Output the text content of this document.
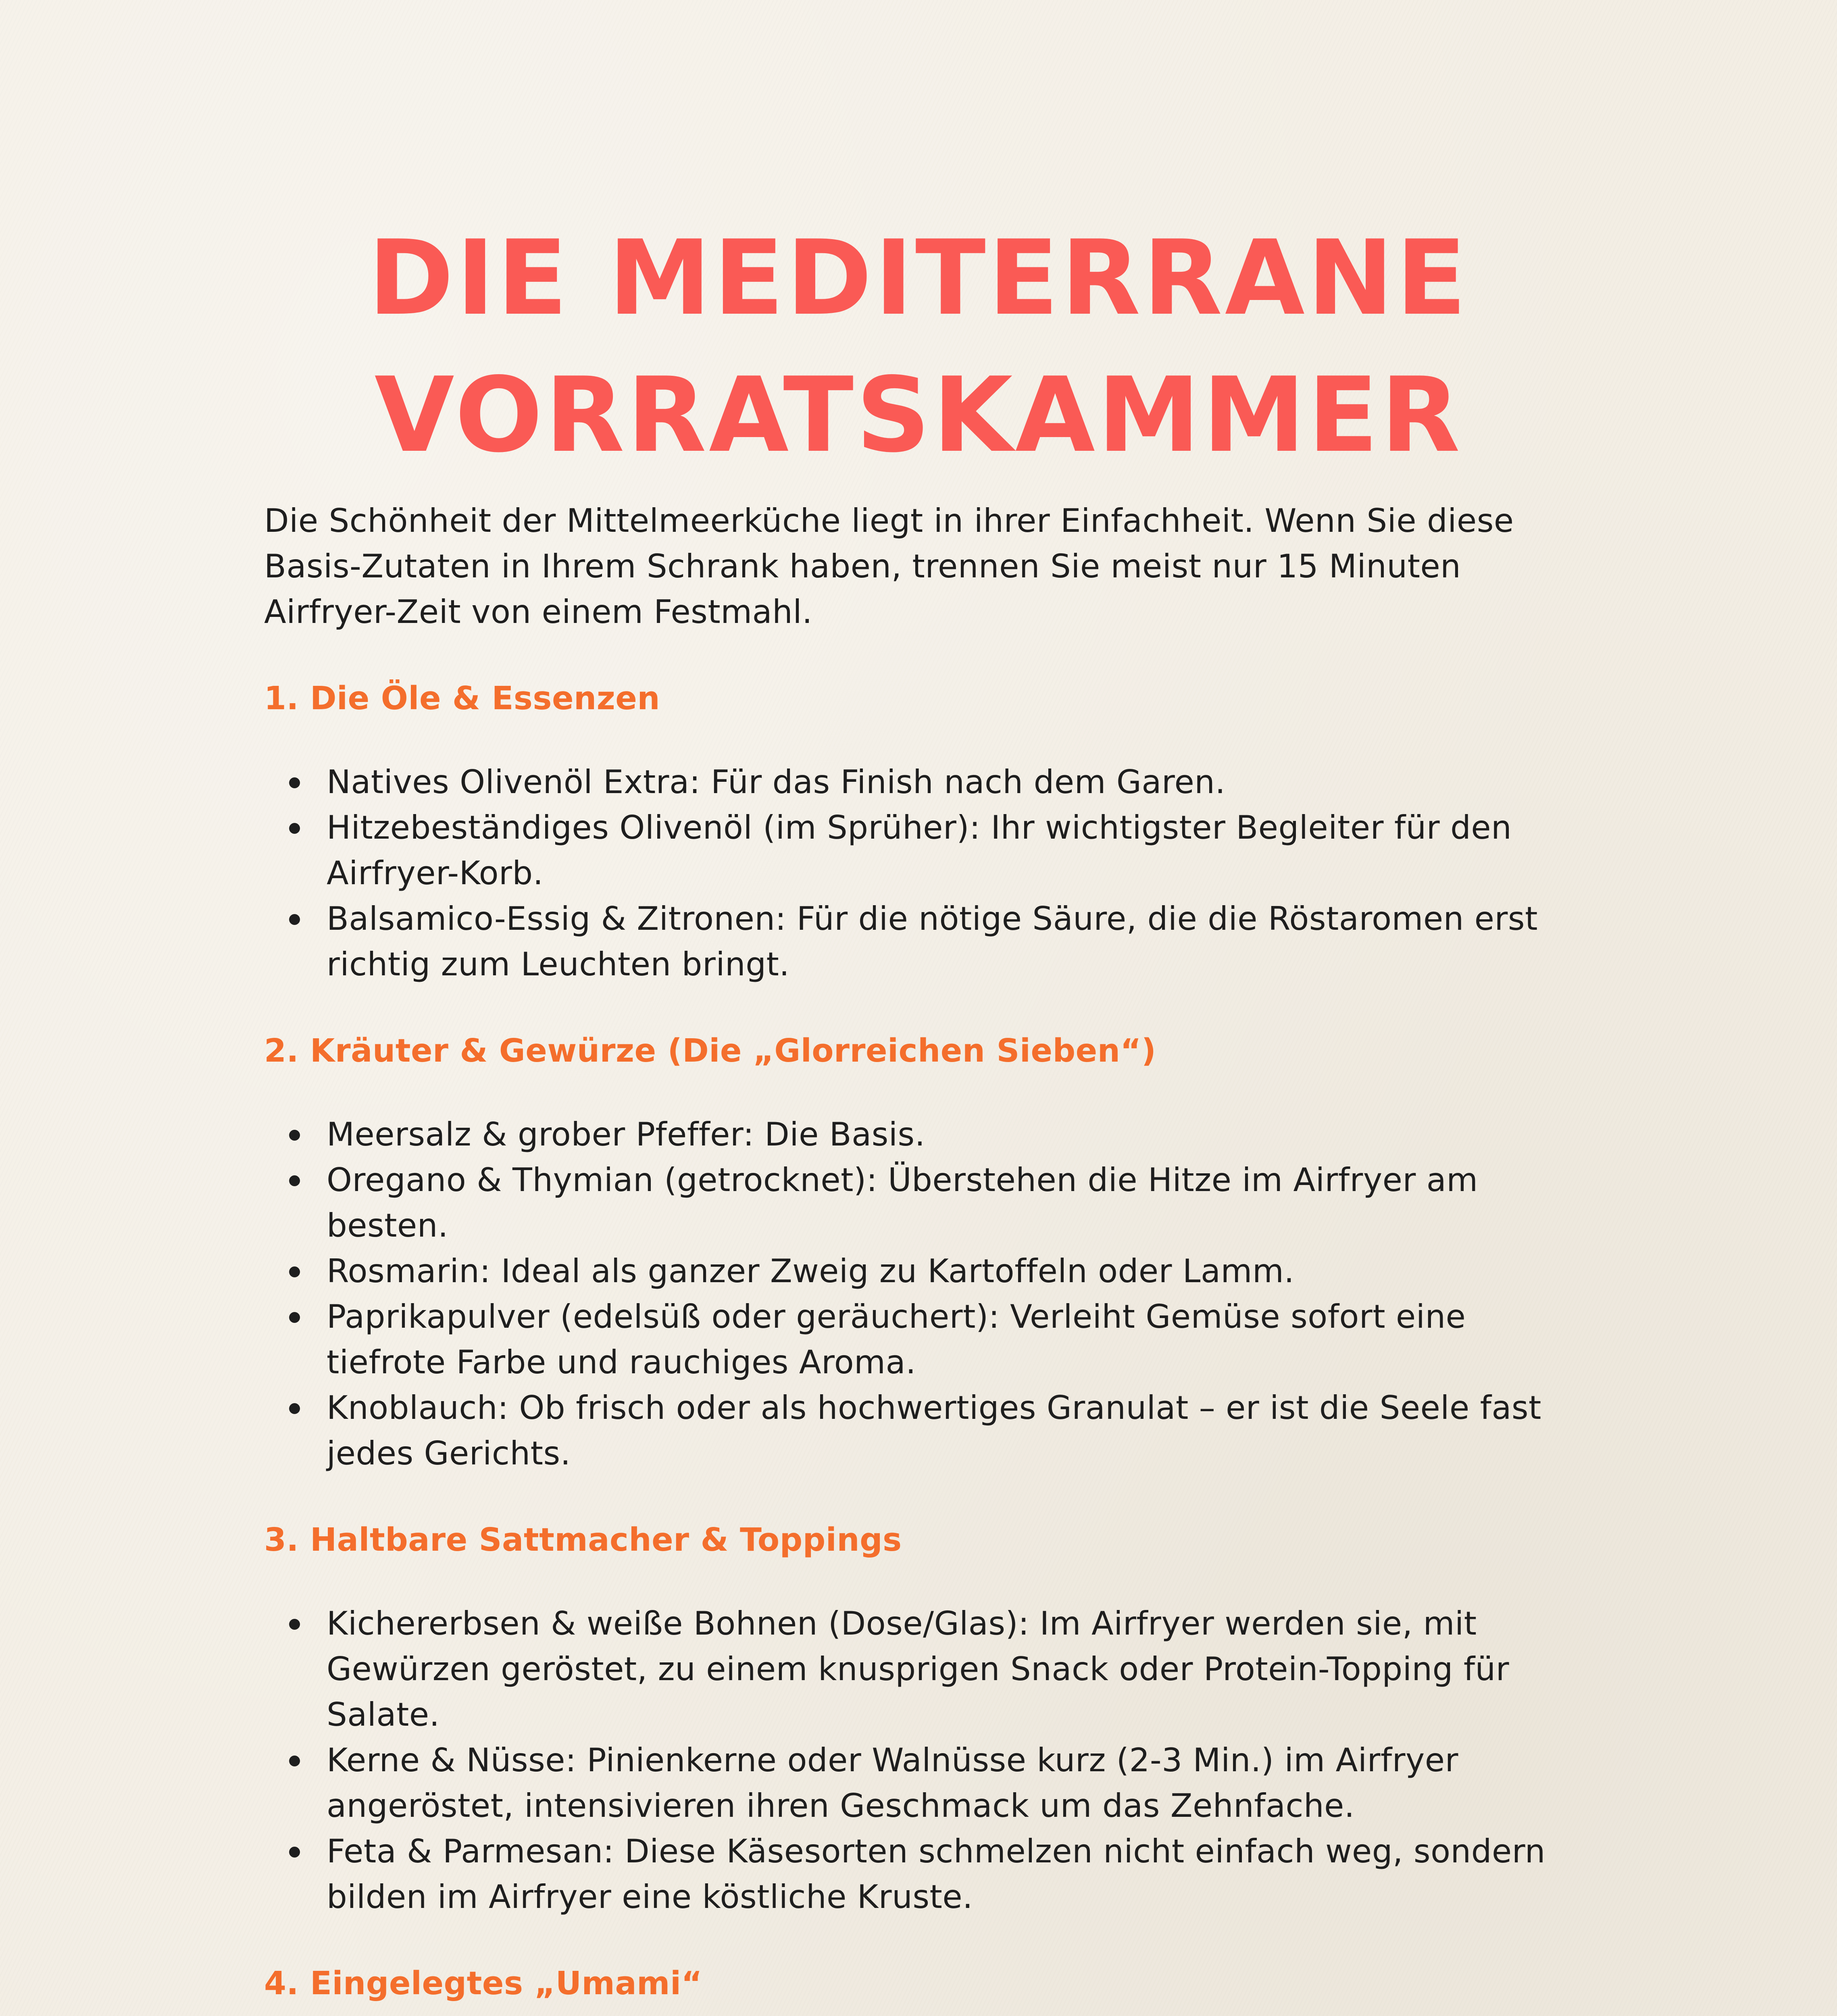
DIE MEDITERRANE
VORRATSKAMMER

Die Schönheit der Mittelmeerküche liegt in ihrer Einfachheit. Wenn Sie diese Basis-Zutaten in Ihrem Schrank haben, trennen Sie meist nur 15 Minuten Airfryer-Zeit von einem Festmahl.

1. Die Öle & Essenzen
Natives Olivenöl Extra: Für das Finish nach dem Garen.
Hitzebeständiges Olivenöl (im Sprüher): Ihr wichtigster Begleiter für den Airfryer-Korb.
Balsamico-Essig & Zitronen: Für die nötige Säure, die die Röstaromen erst richtig zum Leuchten bringt.
2. Kräuter & Gewürze (Die „Glorreichen Sieben“)
Meersalz & grober Pfeffer: Die Basis.
Oregano & Thymian (getrocknet): Überstehen die Hitze im Airfryer am besten.
Rosmarin: Ideal als ganzer Zweig zu Kartoffeln oder Lamm.
Paprikapulver (edelsüß oder geräuchert): Verleiht Gemüse sofort eine tiefrote Farbe und rauchiges Aroma.
Knoblauch: Ob frisch oder als hochwertiges Granulat – er ist die Seele fast jedes Gerichts.
3. Haltbare Sattmacher & Toppings
Kichererbsen & weiße Bohnen (Dose/Glas): Im Airfryer werden sie, mit Gewürzen geröstet, zu einem knusprigen Snack oder Protein-Topping für Salate.
Kerne & Nüsse: Pinienkerne oder Walnüsse kurz (2-3 Min.) im Airfryer angeröstet, intensivieren ihren Geschmack um das Zehnfache.
Feta & Parmesan: Diese Käsesorten schmelzen nicht einfach weg, sondern bilden im Airfryer eine köstliche Kruste.
4. Eingelegtes „Umami“
